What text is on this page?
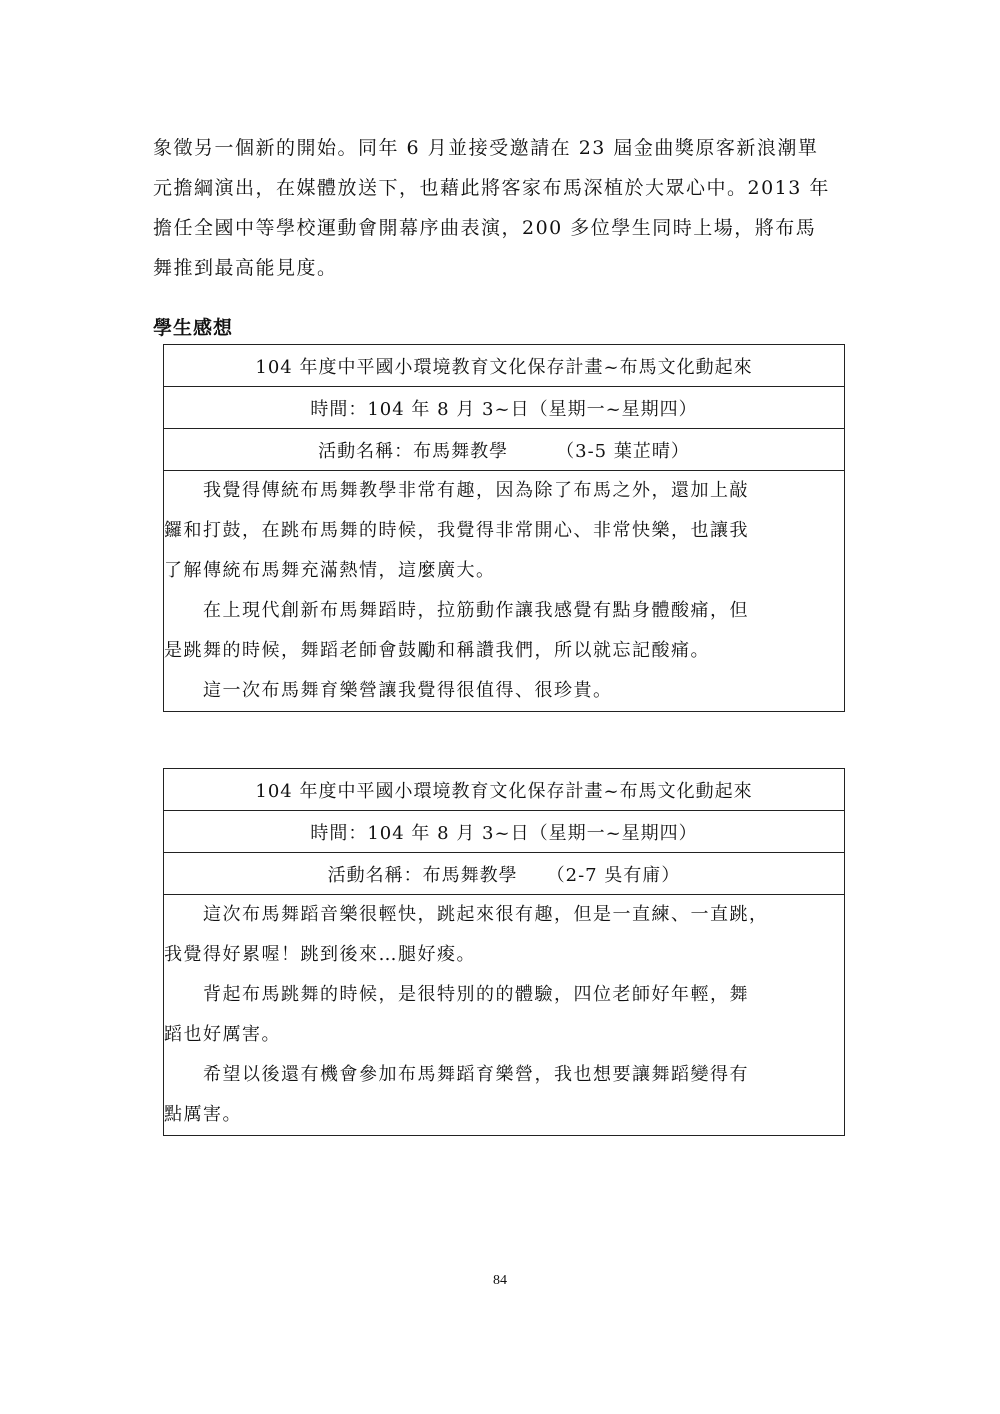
象徵另一個新的開始。同年 6 月並接受邀請在 23 屆金曲獎原客新浪潮單

元擔綱演出，在媒體放送下，也藉此將客家布馬深植於大眾心中。2013 年

擔任全國中等學校運動會開幕序曲表演，200 多位學生同時上場，將布馬

舞推到最高能見度。

學生感想
104 年度中平國小環境教育文化保存計畫~布馬文化動起來
時間：104 年 8 月 3~日（星期一~星期四）
活動名稱：布馬舞教學　　　（3-5 葉芷晴）

　　我覺得傳統布馬舞教學非常有趣，因為除了布馬之外，還加上敲

鑼和打鼓，在跳布馬舞的時候，我覺得非常開心、非常快樂，也讓我

了解傳統布馬舞充滿熱情，這麼廣大。

　　在上現代創新布馬舞蹈時，拉筋動作讓我感覺有點身體酸痛，但

是跳舞的時候，舞蹈老師會鼓勵和稱讚我們，所以就忘記酸痛。

　　這一次布馬舞育樂營讓我覺得很值得、很珍貴。

104 年度中平國小環境教育文化保存計畫~布馬文化動起來
時間：104 年 8 月 3~日（星期一~星期四）
活動名稱：布馬舞教學　　（2-7 吳有庯）

　　這次布馬舞蹈音樂很輕快，跳起來很有趣，但是一直練、一直跳，

我覺得好累喔！跳到後來…腿好痠。

　　背起布馬跳舞的時候，是很特別的的體驗，四位老師好年輕，舞

蹈也好厲害。

　　希望以後還有機會參加布馬舞蹈育樂營，我也想要讓舞蹈變得有

點厲害。

84
